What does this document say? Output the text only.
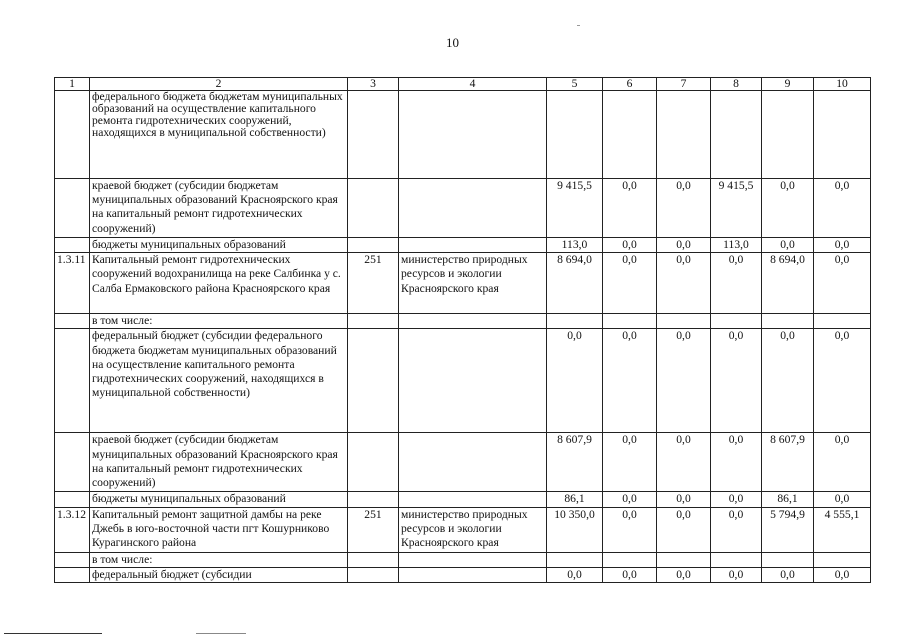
10
1	2	3	4	5	6	7	8	9	10
	федерального бюджета бюджетам муниципальных образований на осуществление капитального ремонта гидротехнических сооружений, находящихся в муниципальной собственности)								
	краевой бюджет (субсидии бюджетам муниципальных образований Красноярского края на капитальный ремонт гидротехнических сооружений)			9 415,5	0,0	0,0	9 415,5	0,0	0,0
	бюджеты муниципальных образований			113,0	0,0	0,0	113,0	0,0	0,0
1.3.11	Капитальный ремонт гидротехнических сооружений водохранилища на реке Салбинка у с. Салба Ермаковского района Красноярского края	251	министерство природных ресурсов и экологии Красноярского края	8 694,0	0,0	0,0	0,0	8 694,0	0,0
	в том числе:								
	федеральный бюджет (субсидии федерального бюджета бюджетам муниципальных образований на осуществление капитального ремонта гидротехнических сооружений, находящихся в муниципальной собственности)			0,0	0,0	0,0	0,0	0,0	0,0
	краевой бюджет (субсидии бюджетам муниципальных образований Красноярского края на капитальный ремонт гидротехнических сооружений)			8 607,9	0,0	0,0	0,0	8 607,9	0,0
	бюджеты муниципальных образований			86,1	0,0	0,0	0,0	86,1	0,0
1.3.12	Капитальный ремонт защитной дамбы на реке Джебь в юго-восточной части пгт Кошурниково Курагинского района	251	министерство природных ресурсов и экологии Красноярского края	10 350,0	0,0	0,0	0,0	5 794,9	4 555,1
	в том числе:								
	федеральный бюджет (субсидии			0,0	0,0	0,0	0,0	0,0	0,0
